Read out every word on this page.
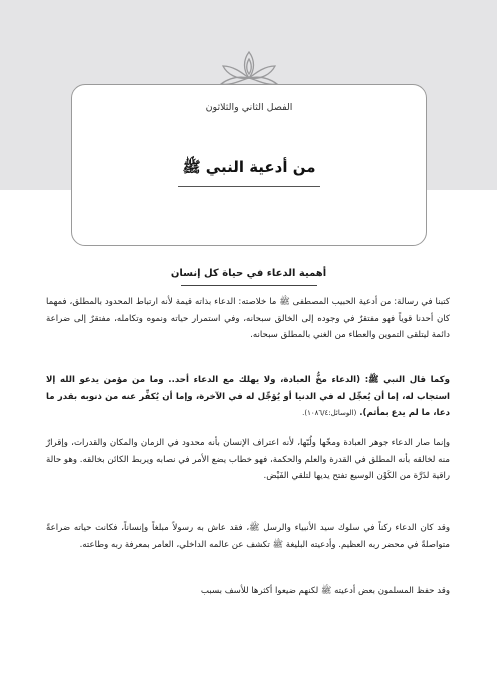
الفصل الثاني والثلاثون
من أدعية النبي ﷺ
أهمية الدعاء في حياة كل إنسان
كتبنا في رسالة: من أدعية الحبيب المصطفى ﷺ ما خلاصته: الدعاء بذاته قيمة لأنه ارتباط المحدود بالمطلق، فمهما كان أحدنا قوياً فهو مفتقرٌ في وجوده إلى الخالق سبحانه، وفي استمرار حياته ونموه وتكامله، مفتقرٌ إلى ضراعة دائمة ليتلقى التموين والعطاء من الغني بالمطلق سبحانه.
وكما قال النبي ﷺ: (الدعاء مخُّ العبادة، ولا يهلك مع الدعاء أحد.. وما من مؤمن يدعو الله إلا استجاب له، إما أن يُعجِّل له في الدنيا أو يُؤجِّل له في الآخرة، وإما أن يُكفِّر عنه من ذنوبه بقدر ما دعا، ما لم يدع بمأثم). (الوسائل:١٠٨٦/٤).
وإنما صار الدعاء جوهر العبادة ومخّها ولُبّها، لأنه اعتراف الإنسان بأنه محدود في الزمان والمكان والقدرات، وإقرارٌ منه لخالقه بأنه المطلق في القدرة والعلم والحكمة، فهو خطاب يضع الأمر في نصابه ويربط الكائن بخالقه. وهو حالة راقية لذَرَّة من الكَوْن الوسيع تفتح يديها لتلقي الفَيْض.
وقد كان الدعاء ركناً في سلوك سيد الأنبياء والرسل ﷺ، فقد عاش به رسولاً مبلغاً وإنساناً، فكانت حياته ضراعةً متواصلةً في محضر ربه العظيم. وأدعيته البليغة ﷺ تكشف عن عالمه الداخلي، العامر بمعرفة ربه وطاعته.
وقد حفظ المسلمون بعض أدعيته ﷺ لكنهم ضيعوا أكثرها للأسف بسبب
